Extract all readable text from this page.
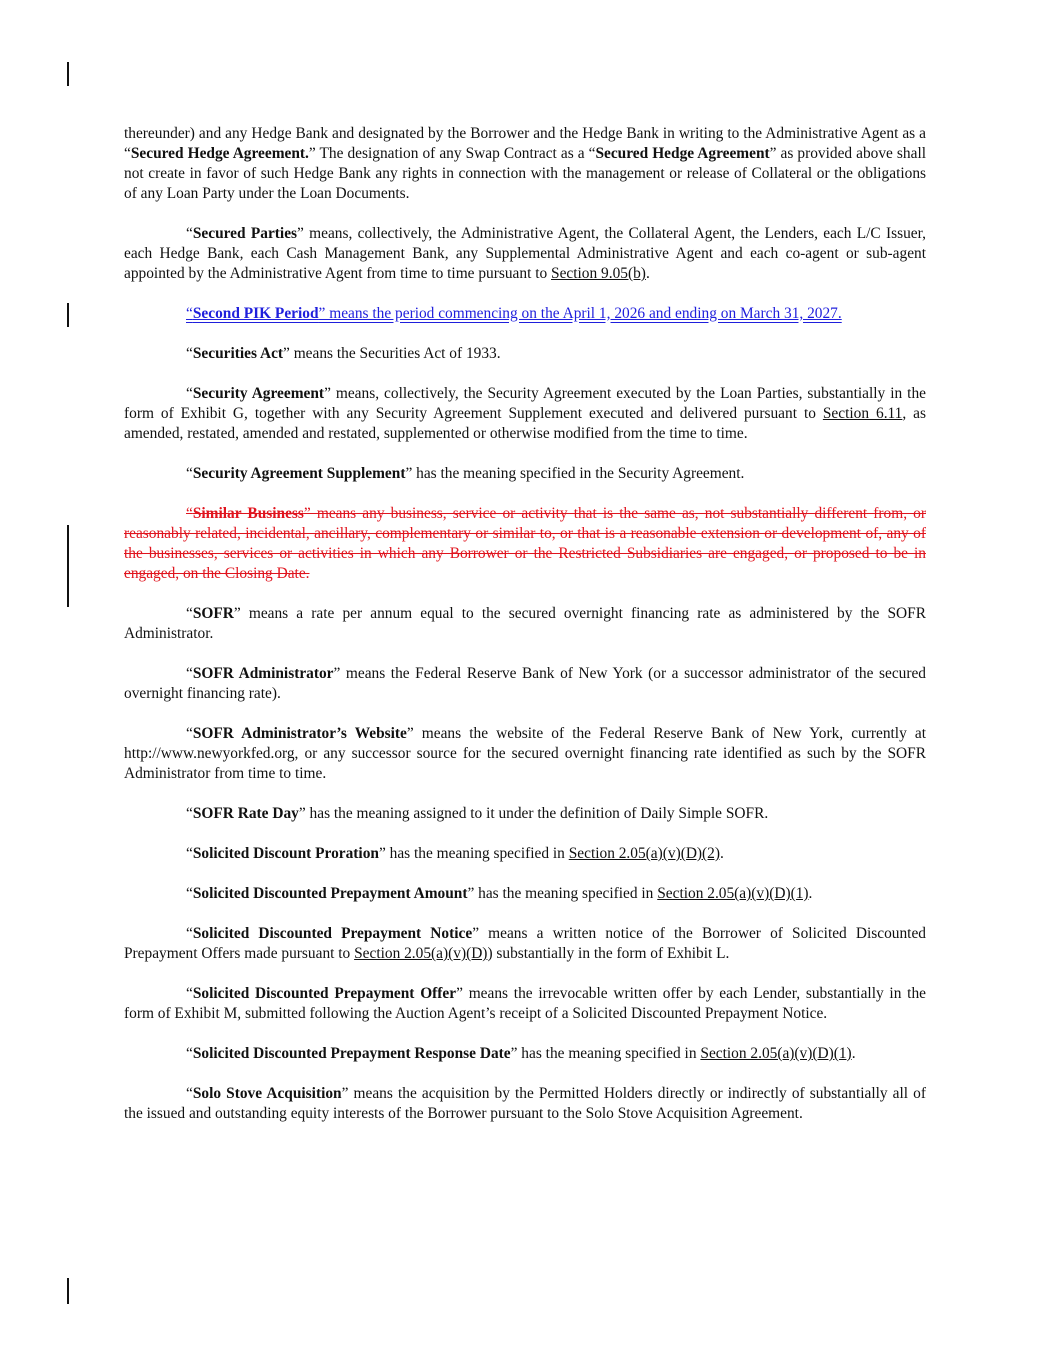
thereunder) and any Hedge Bank and designated by the Borrower and the Hedge Bank in writing to the Administrative Agent as a “Secured Hedge Agreement.” The designation of any Swap Contract as a “Secured Hedge Agreement” as provided above shall not create in favor of such Hedge Bank any rights in connection with the management or release of Collateral or the obligations of any Loan Party under the Loan Documents.

“Secured Parties” means, collectively, the Administrative Agent, the Collateral Agent, the Lenders, each L/C Issuer, each Hedge Bank, each Cash Management Bank, any Supplemental Administrative Agent and each co-agent or sub-agent appointed by the Administrative Agent from time to time pursuant to Section 9.05(b).

“Second PIK Period” means the period commencing on the April 1, 2026 and ending on March 31, 2027.

“Securities Act” means the Securities Act of 1933.

“Security Agreement” means, collectively, the Security Agreement executed by the Loan Parties, substantially in the form of Exhibit G, together with any Security Agreement Supplement executed and delivered pursuant to Section 6.11, as amended, restated, amended and restated, supplemented or otherwise modified from the time to time.

“Security Agreement Supplement” has the meaning specified in the Security Agreement.

“Similar Business” means any business, service or activity that is the same as, not substantially different from, or reasonably related, incidental, ancillary, complementary or similar to, or that is a reasonable extension or development of, any of the businesses, services or activities in which any Borrower or the Restricted Subsidiaries are engaged, or proposed to be in engaged, on the Closing Date.

“SOFR” means a rate per annum equal to the secured overnight financing rate as administered by the SOFR Administrator.

“SOFR Administrator” means the Federal Reserve Bank of New York (or a successor administrator of the secured overnight financing rate).

“SOFR Administrator’s Website” means the website of the Federal Reserve Bank of New York, currently at http://www.newyorkfed.org, or any successor source for the secured overnight financing rate identified as such by the SOFR Administrator from time to time.

“SOFR Rate Day” has the meaning assigned to it under the definition of Daily Simple SOFR.

“Solicited Discount Proration” has the meaning specified in Section 2.05(a)(v)(D)(2).

“Solicited Discounted Prepayment Amount” has the meaning specified in Section 2.05(a)(v)(D)(1).

“Solicited Discounted Prepayment Notice” means a written notice of the Borrower of Solicited Discounted Prepayment Offers made pursuant to Section 2.05(a)(v)(D)) substantially in the form of Exhibit L.

“Solicited Discounted Prepayment Offer” means the irrevocable written offer by each Lender, substantially in the form of Exhibit M, submitted following the Auction Agent’s receipt of a Solicited Discounted Prepayment Notice.

“Solicited Discounted Prepayment Response Date” has the meaning specified in Section 2.05(a)(v)(D)(1).

“Solo Stove Acquisition” means the acquisition by the Permitted Holders directly or indirectly of substantially all of the issued and outstanding equity interests of the Borrower pursuant to the Solo Stove Acquisition Agreement.
